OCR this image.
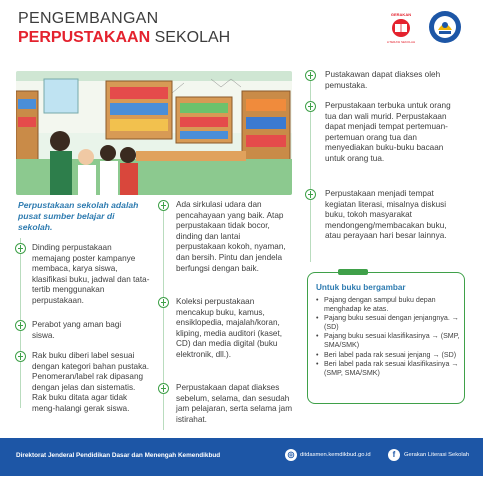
PENGEMBANGAN
PERPUSTAKAAN SEKOLAH
GERAKAN
LITERASI SEKOLAH
Perpustakaan sekolah adalah pusat sumber belajar di sekolah.
Dinding perpustakaan memajang poster kampanye membaca, karya siswa, klasifikasi buku, jadwal dan tata-tertib menggunakan perpustakaan.
Perabot yang aman bagi siswa.
Rak buku diberi label sesuai dengan kategori bahan pustaka. Penomeran/label rak dipasang dengan jelas dan sistematis. Rak buku ditata agar tidak meng-halangi gerak siswa.
Ada sirkulasi udara dan pencahayaan yang baik. Atap perpustakaan tidak bocor, dinding dan lantai perpustakaan kokoh, nyaman, dan bersih. Pintu dan jendela berfungsi dengan baik.
Koleksi perpustakaan mencakup buku, kamus, ensiklopedia, majalah/koran, kliping, media auditori (kaset, CD) dan media digital (buku elektronik, dll.).
Perpustakaan dapat diakses sebelum, selama, dan sesudah jam pelajaran, serta selama jam istirahat.
Pustakawan dapat diakses oleh pemustaka.
Perpustakaan terbuka untuk orang tua dan wali murid. Perpustakaan dapat menjadi tempat pertemuan-pertemuan orang tua dan menyediakan buku-buku bacaan untuk orang tua.
Perpustakaan menjadi tempat kegiatan literasi, misalnya diskusi buku, tokoh masyarakat mendongeng/membacakan buku, atau perayaan hari besar lainnya.
Untuk buku bergambar
• Pajang dengan sampul buku depan menghadap ke atas.
• Pajang buku sesuai dengan jenjangnya. → (SD)
• Pajang buku sesuai klasifikasinya → (SMP, SMA/SMK)
• Beri label pada rak sesuai jenjang → (SD)
• Beri label pada rak sesuai klasifikasinya → (SMP, SMA/SMK)
Direktorat Jenderal Pendidikan Dasar dan Menengah Kemendikbud	◎ ditdasmen.kemdikbud.go.id	f	Gerakan Literasi Sekolah
